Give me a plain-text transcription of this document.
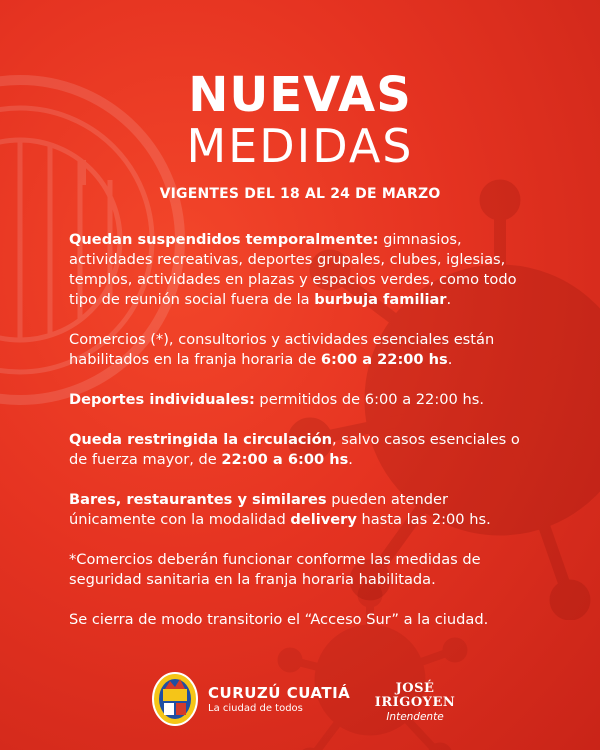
NUEVAS
MEDIDAS
VIGENTES DEL 18 AL 24 DE MARZO

Quedan suspendidos temporalmente: gimnasios, actividades recreativas, deportes grupales, clubes, iglesias, templos, actividades en plazas y espacios verdes, como todo tipo de reunión social fuera de la burbuja familiar.

Comercios (*), consultorios y actividades esenciales están habilitados en la franja horaria de 6:00 a 22:00 hs.

Deportes individuales: permitidos de 6:00 a 22:00 hs.

Queda restringida la circulación, salvo casos esenciales o de fuerza mayor, de 22:00 a 6:00 hs.

Bares, restaurantes y similares pueden atender únicamente con la modalidad delivery hasta las 2:00 hs.

*Comercios deberán funcionar conforme las medidas de seguridad sanitaria en la franja horaria habilitada.

Se cierra de modo transitorio el “Acceso Sur” a la ciudad.

CURUZÚ CUATIÁ
La ciudad de todos
JOSÉ
IRIGOYEN
Intendente
